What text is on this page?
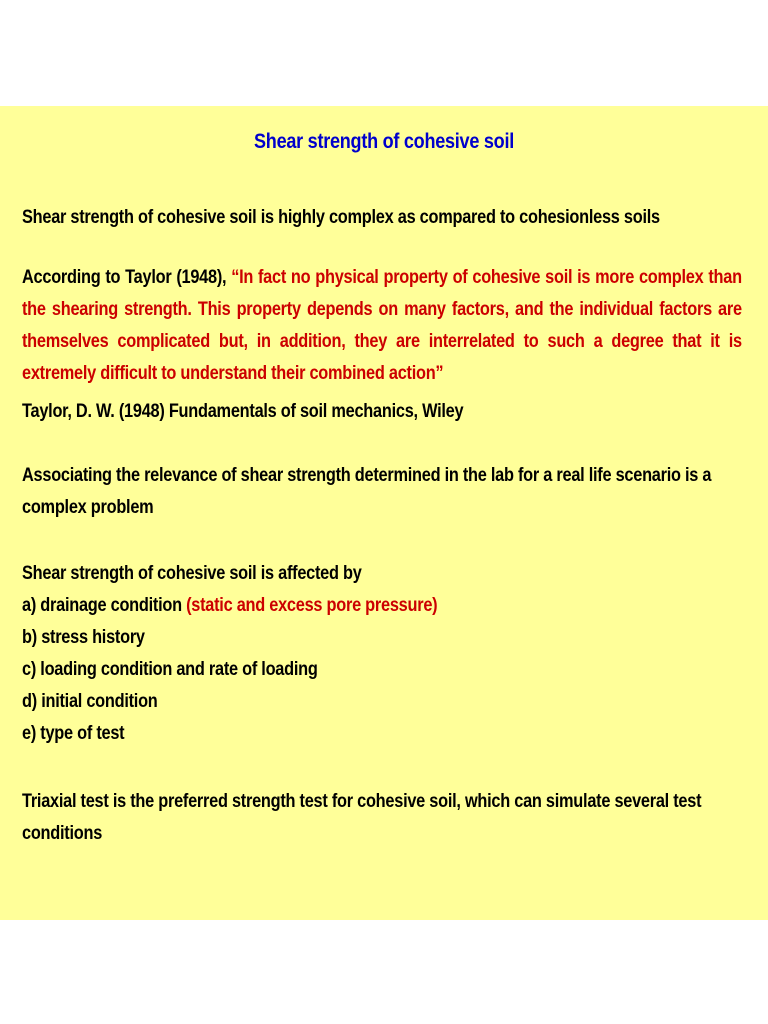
Shear strength of cohesive soil
Shear strength of cohesive soil is highly complex as compared to cohesionless soils
According to Taylor (1948), “In fact no physical property of cohesive soil is more complex than the shearing strength. This property depends on many factors, and the individual factors are themselves complicated but, in addition, they are interrelated to such a degree that it is extremely difficult to understand their combined action”
Taylor, D. W. (1948) Fundamentals of soil mechanics, Wiley
Associating the relevance of shear strength determined in the lab for a real life scenario is a complex problem
Shear strength of cohesive soil is affected by
a) drainage condition (static and excess pore pressure)
b) stress history
c) loading condition and rate of loading
d) initial condition
e) type of test
Triaxial test is the preferred strength test for cohesive soil, which can simulate several test conditions
